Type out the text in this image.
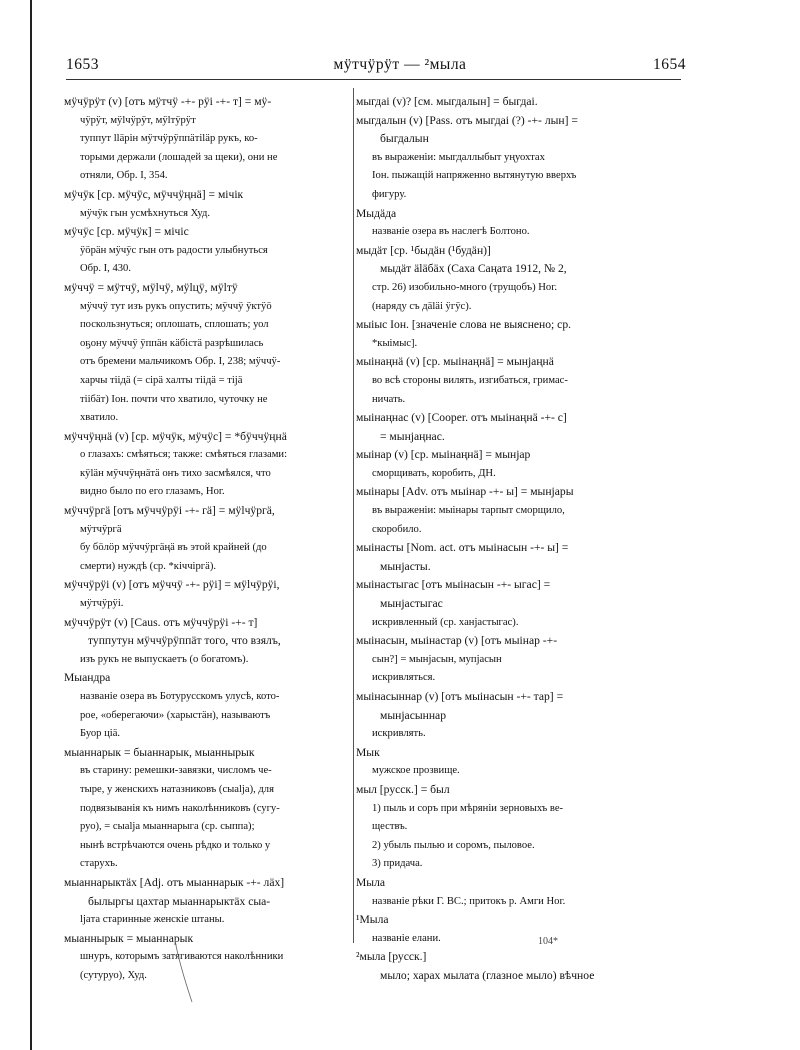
1653	мӱтчӱрӱт — ²мыла	1654
мӱчӱрӱт (v) [отъ мӱтчӱ -+- рӱі -+- т] = мӱ-
чӱрӱт, мӱlчӱрӱт, мӱlтӱрӱт
туппут lläpiн мӱтчӱрӱппäтiläр рукъ, ко-
торыми держали (лошадей за щеки), они не
отняли, Обр. I, 354.
мӱчӱк [ср. мӱчӱс, мӱччӱңнä] = мiчiк
мӱчӱк гын усмѣхнуться Худ.
мӱчӱс [ср. мӱчӱк] = мiчiс
ӱöрäн мӱчӱс гын отъ радости улыбнуться
Обр. I, 430.
мӱччӱ = мӱтчӱ, мӱlчӱ, мӱlцӱ, мӱlтӱ
мӱччӱ тут изъ рукъ опустить; мӱччӱ ӱктӱӧ
поскользнуться; оплошать, сплошать; уол
оҕону мӱччӱ ӱппäн кäбiстä разрѣшилась
отъ бремени мальчикомъ Обр. I, 238; мӱччӱ-
харчы тiiдä (= сiрä халты тiiдä = тijä
тiiбäт) Іон. почти что хватило, чуточку не
хватило.
мӱччӱңнä (v) [ср. мӱчӱк, мӱчӱс] = *бӱччӱңнä
о глазахъ: смѣяться; также: смѣяться глазами:
кӱläн мӱччӱңнäтä онъ тихо засмѣялся, что
видно было по его глазамъ, Ног.
мӱччӱргä [отъ мӱччӱрӱі -+- гä] = мӱlчӱргä,
мӱтчӱргä
бу бöлӧр мӱччӱргäңä въ этой крайней (до
смерти) нуждѣ (ср. *кiччiргä).
мӱччӱрӱі (v) [отъ мӱччӱ -+- рӱі] = мӱlчӱрӱі,
мӱтчӱрӱі.
мӱччӱрӱт (v) [Caus. отъ мӱччӱрӱі -+- т]
туппутун мӱччӱрӱппäт того, что взялъ,
изъ рукъ не выпускаетъ (о богатомъ).
Мыандра
названіе озера въ Ботуруcскомъ улусѣ, кото-
рое, «оберегаючи» (харыстäн), называютъ
Буор цiä.
мыаннарык = быаннарык, мыаннырык
въ старину: ремешки-завязки, числомъ че-
тыре, у женскихъ натазниковъ (сыаlja), для
подвязыванія къ нимъ наколѣнниковъ (сугу-
руо), = сыаlja мыаннарыга (ср. сыппа);
нынѣ встрѣчаются очень рѣдко и только у
старухъ.
мыаннарыктäх [Adj. отъ мыаннарык -+- лäх]
былыргы цахтар мыаннарыктäх сыа-
ljaта старинные женскiе штаны.
мыаннырык = мыаннарык
шнуръ, которымъ затягиваются наколѣнники
(сутуруо), Худ.
мыгдаі (v)? [см. мыгдалын] = быгдаі.
мыгдалын (v) [Pass. отъ мыгдаі (?) -+- лын] =
быгдалын
въ выраженіи: мыгдаллыбыт уңуохтах
Іон. пыжащiй напряженно вытянутую вверхъ
фигуру.
Мыдäда
названіе озера въ наслегѣ Болтоно.
мыдäт [ср. ¹быдäн (¹будäн)]
мыдäт äläбäх (Саха Саңата 1912, № 2,
стр. 26) изобильно-много (трущобъ) Ног.
(наряду съ дäläі ӱгӱс).
мыiыс Іон. [значеніе слова не выяснено; ср.
*кыімыс].
мыiнаңнä (v) [ср. мыiнаңнä] = мынjаңнä
во всѣ стороны вилять, изгибаться, гримас-
ничать.
мыiнаңнас (v) [Cooper. отъ мыiнаңнä -+- с]
= мынjаңнас.
мыiнар (v) [ср. мыiнаңнä] = мынjар
сморщивать, коробить, ДН.
мыiнары [Adv. отъ мыiнар -+- ы] = мынjары
въ выраженіи: мыiнары тарпыт сморщило,
скоробило.
мыiнасты [Nom. act. отъ мыiнасын -+- ы] =
мынjасты.
мыiнастыгас [отъ мыiнасын -+- ыгас] =
мынjастыгас
искривленный (ср. ханjастыгас).
мыiнасын, мыiнастар (v) [отъ мыiнар -+-
сын?] = мынjасын, мупjасын
искривляться.
мыiнасыннар (v) [отъ мыiнасын -+- тар] =
мынjасыннар
искривлять.
Мык
мужское прозвище.
мыл [русск.] = был
1) пыль и соръ при мѣрянiи зерновыхъ ве-
ществъ.
2) убыль пылью и соромъ, пыловое.
3) придача.
Мыла
названіе рѣки Г. ВС.; притокъ р. Амги Ног.
¹Мыла
названіе елани.
²мыла [русск.]
мыло; харах мылата (глазное мыло) вѣчное
104*
